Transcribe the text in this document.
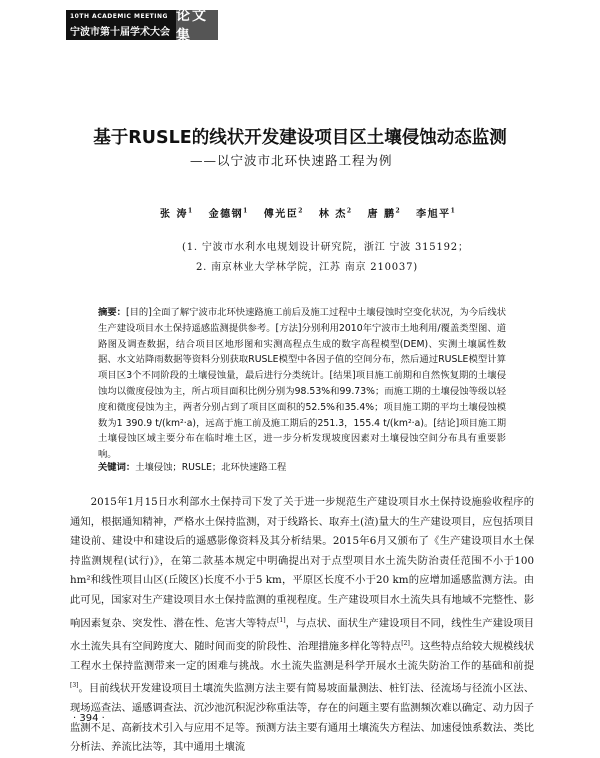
10TH ACADEMIC MEETING
宁波市第十届学术大会
论文集
基于RUSLE的线状开发建设项目区土壤侵蚀动态监测
——以宁波市北环快速路工程为例
张 涛$^1$ 金德钢$^1$ 傅光臣$^2$ 林 杰$^2$ 唐 鹏$^2$ 李旭平$^1$
(1. 宁波市水利水电规划设计研究院，浙江 宁波 315192；
2. 南京林业大学林学院，江苏 南京 210037)
摘要：[目的]全面了解宁波市北环快速路施工前后及施工过程中土壤侵蚀时空变化状况，为今后线状生产建设项目水土保持遥感监测提供参考。[方法]分别利用2010年宁波市土地利用/覆盖类型图、道路图及调查数据，结合项目区地形图和实测高程点生成的数字高程模型(DEM)、实测土壤属性数据、水文站降雨数据等资料分别获取RUSLE模型中各因子值的空间分布，然后通过RUSLE模型计算项目区3个不同阶段的土壤侵蚀量，最后进行分类统计。[结果]项目施工前期和自然恢复期的土壤侵蚀均以微度侵蚀为主，所占项目面积比例分别为98.53%和99.73%；而施工期的土壤侵蚀等级以轻度和微度侵蚀为主，两者分别占到了项目区面积的52.5%和35.4%；项目施工期的平均土壤侵蚀模数为1 390.9 t/(km²·a)，远高于施工前及施工期后的251.3，155.4 t/(km²·a)。[结论]项目施工期土壤侵蚀区域主要分布在临时堆土区，进一步分析发现坡度因素对土壤侵蚀空间分布具有重要影响。
关键词：土壤侵蚀；RUSLE；北环快速路工程
2015年1月15日水利部水土保持司下发了关于进一步规范生产建设项目水土保持设施验收程序的通知，根据通知精神，严格水土保持监测，对于线路长、取弃土(渣)量大的生产建设项目，应包括项目建设前、建设中和建设后的遥感影像资料及其分析结果。2015年6月又颁布了《生产建设项目水土保持监测规程(试行)》，在第二款基本规定中明确提出对于点型项目水土流失防治责任范围不小于100 hm²和线性项目山区(丘陵区)长度不小于5 km，平原区长度不小于20 km的应增加遥感监测方法。由此可见，国家对生产建设项目水土保持监测的重视程度。生产建设项目水土流失具有地域不完整性、影响因素复杂、突发性、潜在性、危害大等特点[1]，与点状、面状生产建设项目不同，线性生产建设项目水土流失具有空间跨度大、随时间而变的阶段性、治理措施多样化等特点[2]。这些特点给较大规模线状工程水土保持监测带来一定的困难与挑战。水土流失监测是科学开展水土流失防治工作的基础和前提[3]。目前线状开发建设项目土壤流失监测方法主要有简易坡面量测法、桩钉法、径流场与径流小区法、现场巡查法、遥感调查法、沉沙池沉积泥沙称重法等，存在的问题主要有监测频次难以确定、动力因子监测不足、高新技术引入与应用不足等。预测方法主要有通用土壤流失方程法、加速侵蚀系数法、类比分析法、养流比法等，其中通用土壤流
· 394 ·
